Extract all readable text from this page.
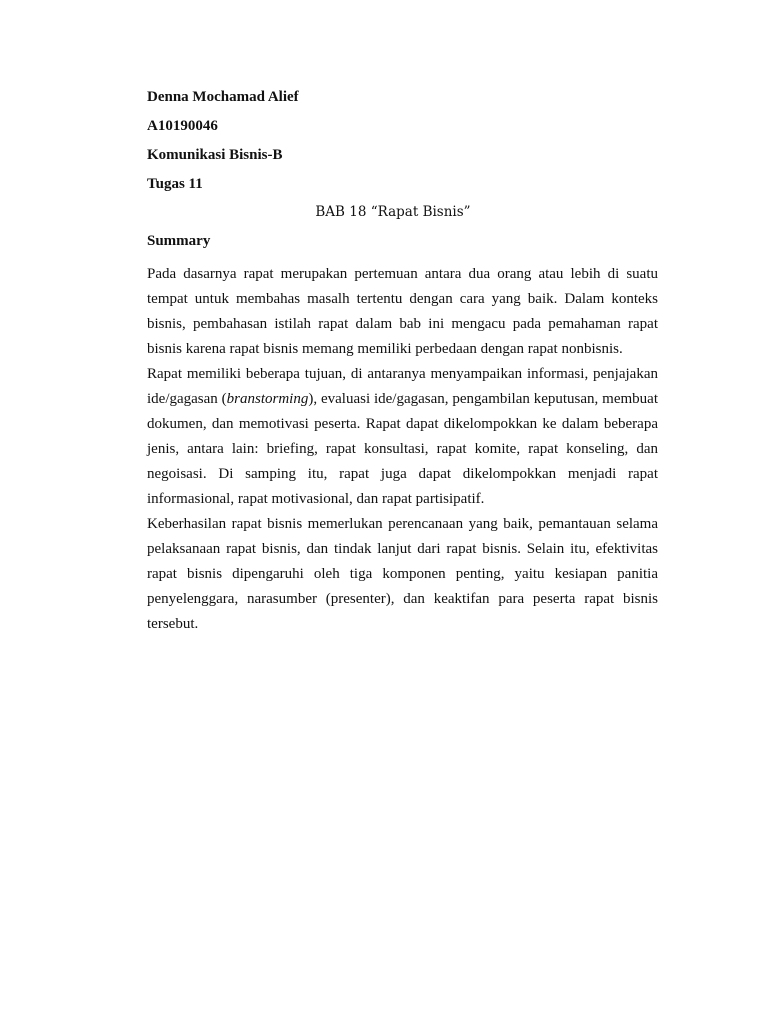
Denna Mochamad Alief
A10190046
Komunikasi Bisnis-B
Tugas 11
BAB 18 “Rapat Bisnis”
Summary

Pada dasarnya rapat merupakan pertemuan antara dua orang atau lebih di suatu tempat untuk membahas masalh tertentu dengan cara yang baik. Dalam konteks bisnis, pembahasan istilah rapat dalam bab ini mengacu pada pemahaman rapat bisnis karena rapat bisnis memang memiliki perbedaan dengan rapat nonbisnis.

Rapat memiliki beberapa tujuan, di antaranya menyampaikan informasi, penjajakan ide/gagasan (branstorming), evaluasi ide/gagasan, pengambilan keputusan, membuat dokumen, dan memotivasi peserta. Rapat dapat dikelompokkan ke dalam beberapa jenis, antara lain: briefing, rapat konsultasi, rapat komite, rapat konseling, dan negoisasi. Di samping itu, rapat juga dapat dikelompokkan menjadi rapat informasional, rapat motivasional, dan rapat partisipatif.

Keberhasilan rapat bisnis memerlukan perencanaan yang baik, pemantauan selama pelaksanaan rapat bisnis, dan tindak lanjut dari rapat bisnis. Selain itu, efektivitas rapat bisnis dipengaruhi oleh tiga komponen penting, yaitu kesiapan panitia penyelenggara, narasumber (presenter), dan keaktifan para peserta rapat bisnis tersebut.
